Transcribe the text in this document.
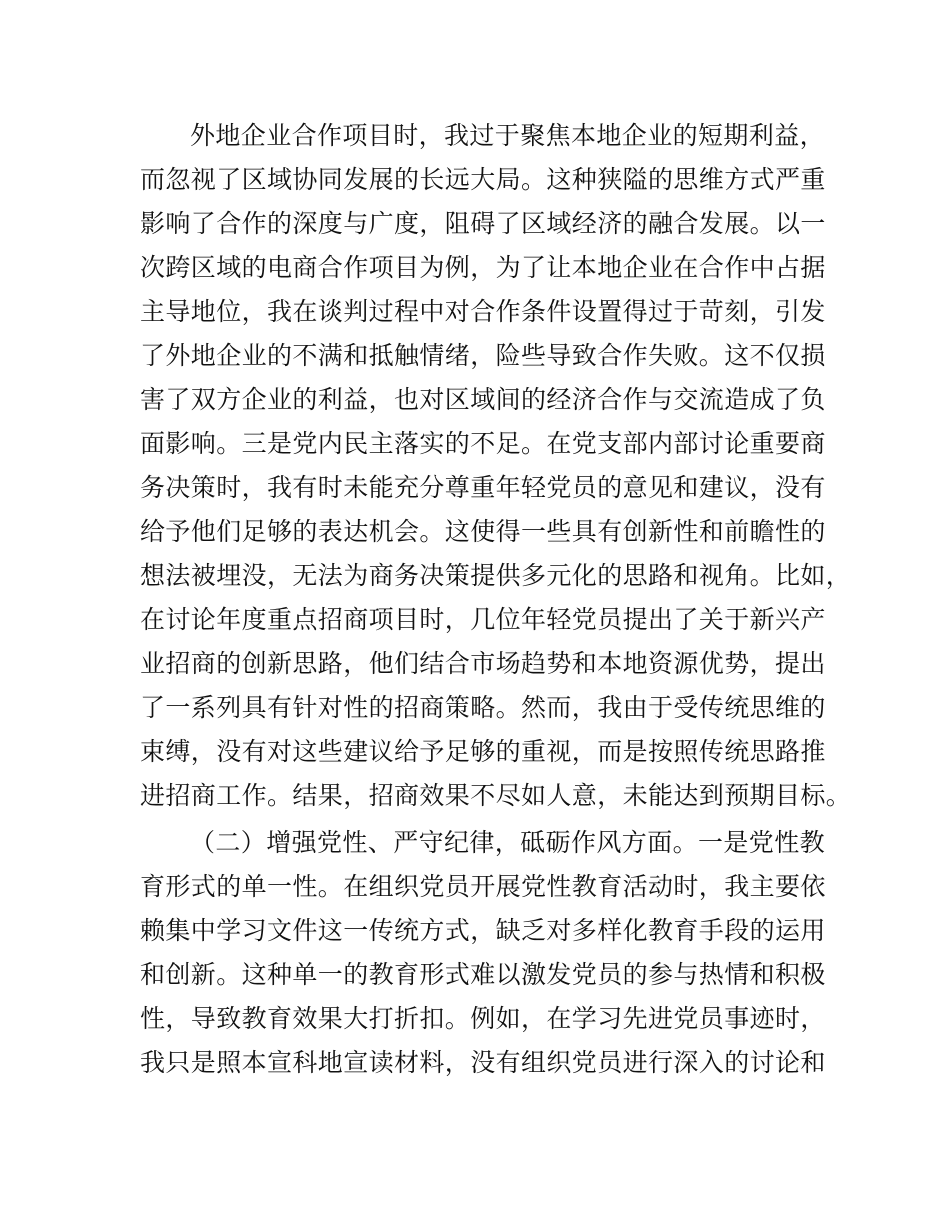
外地企业合作项目时，我过于聚焦本地企业的短期利益，
而忽视了区域协同发展的长远大局。这种狭隘的思维方式严重
影响了合作的深度与广度，阻碍了区域经济的融合发展。以一
次跨区域的电商合作项目为例，为了让本地企业在合作中占据
主导地位，我在谈判过程中对合作条件设置得过于苛刻，引发
了外地企业的不满和抵触情绪，险些导致合作失败。这不仅损
害了双方企业的利益，也对区域间的经济合作与交流造成了负
面影响。三是党内民主落实的不足。在党支部内部讨论重要商
务决策时，我有时未能充分尊重年轻党员的意见和建议，没有
给予他们足够的表达机会。这使得一些具有创新性和前瞻性的
想法被埋没，无法为商务决策提供多元化的思路和视角。比如，
在讨论年度重点招商项目时，几位年轻党员提出了关于新兴产
业招商的创新思路，他们结合市场趋势和本地资源优势，提出
了一系列具有针对性的招商策略。然而，我由于受传统思维的
束缚，没有对这些建议给予足够的重视，而是按照传统思路推
进招商工作。结果，招商效果不尽如人意，未能达到预期目标。
（二）增强党性、严守纪律，砥砺作风方面。一是党性教
育形式的单一性。在组织党员开展党性教育活动时，我主要依
赖集中学习文件这一传统方式，缺乏对多样化教育手段的运用
和创新。这种单一的教育形式难以激发党员的参与热情和积极
性，导致教育效果大打折扣。例如，在学习先进党员事迹时，
我只是照本宣科地宣读材料，没有组织党员进行深入的讨论和
